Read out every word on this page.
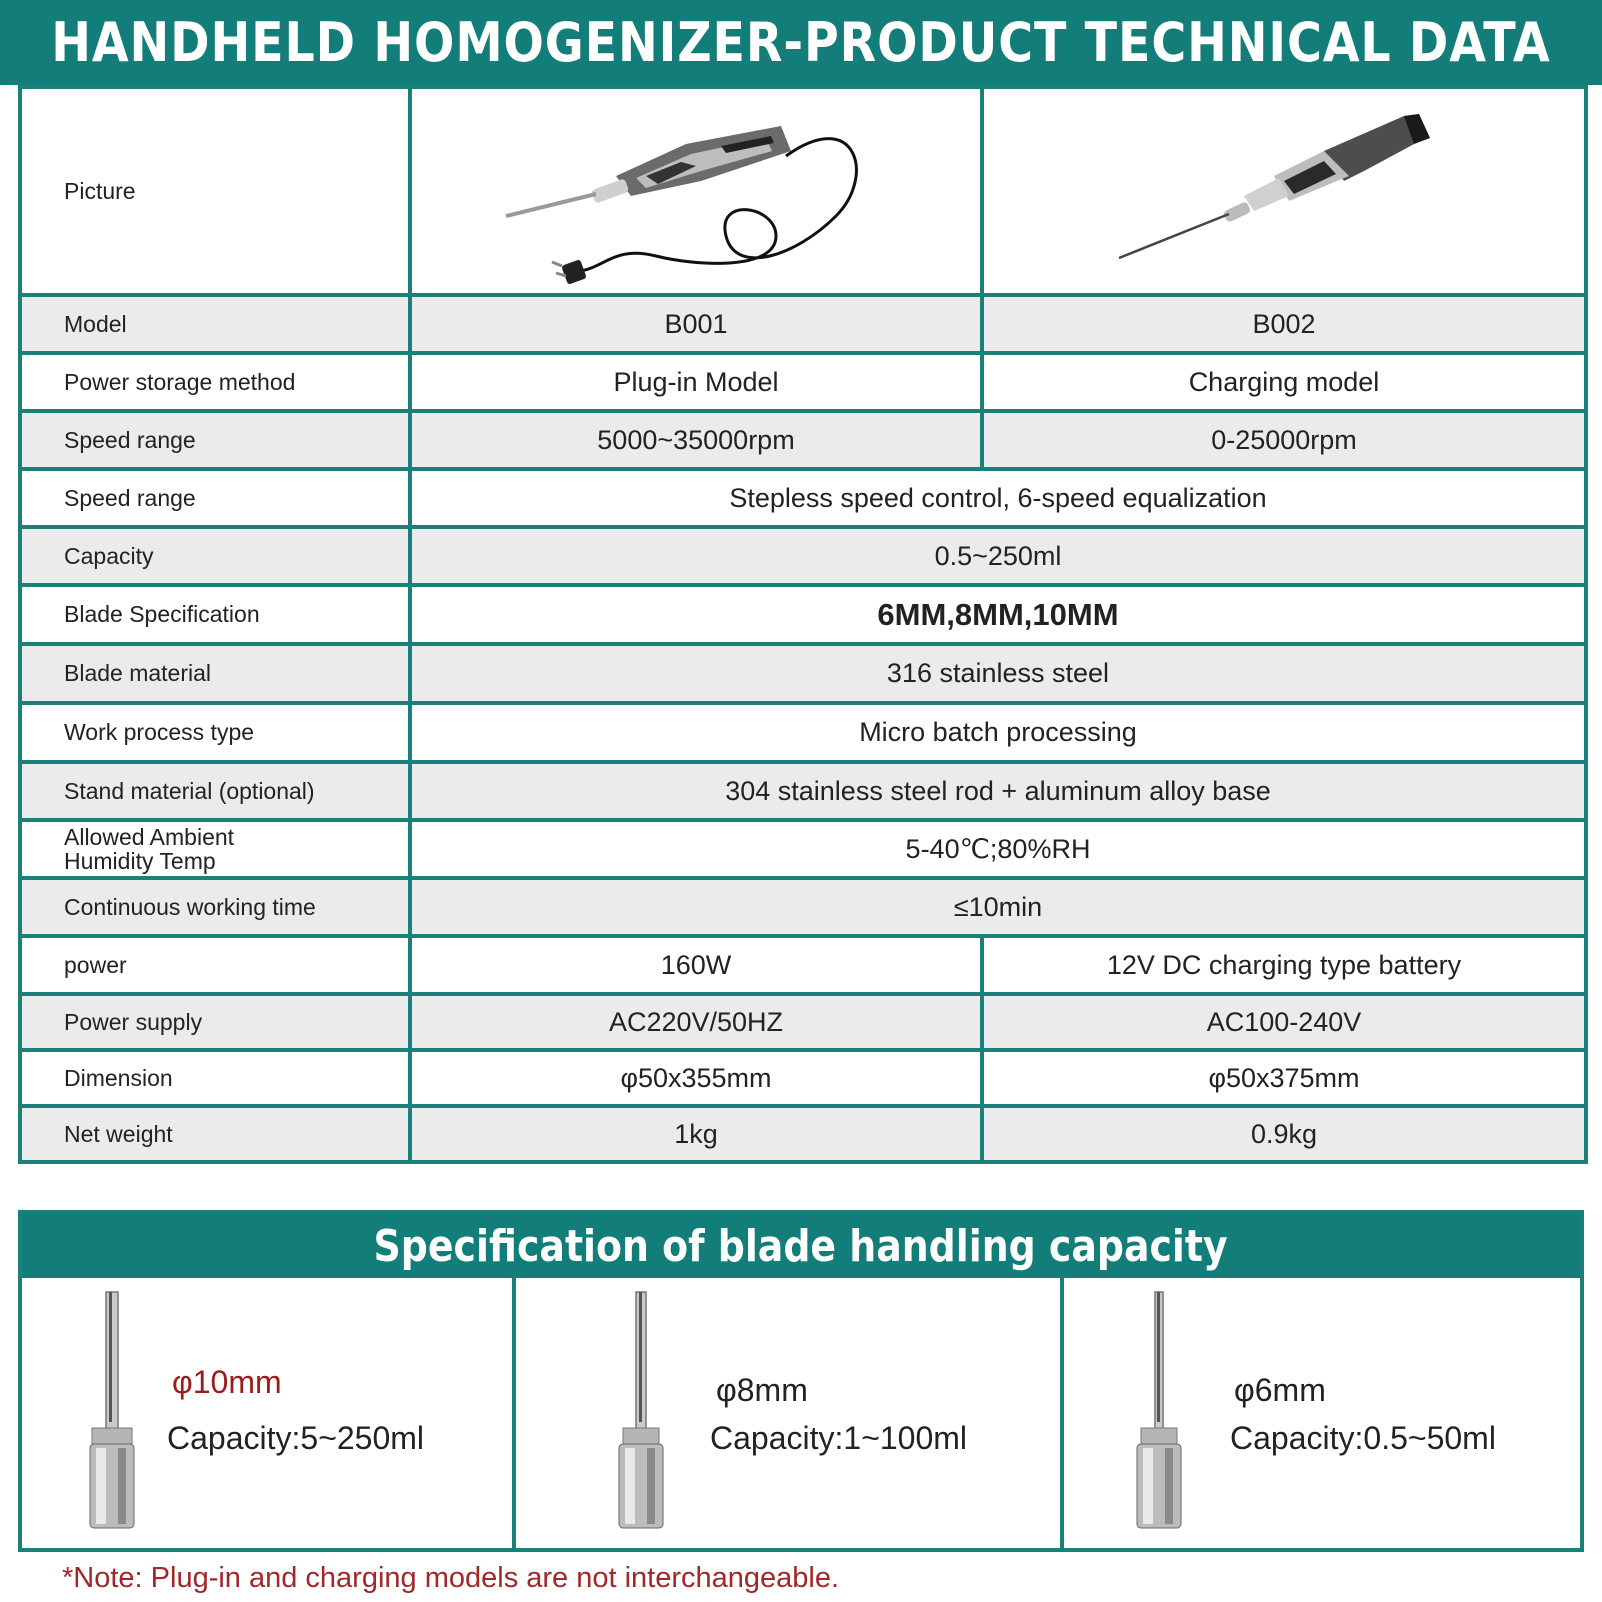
HANDHELD HOMOGENIZER-PRODUCT TECHNICAL DATA
Picture	

Model	B001	B002
Power storage method	Plug-in Model	Charging model
Speed range	5000~35000rpm	0-25000rpm
Speed range	Stepless speed control, 6-speed equalization	
Capacity	0.5~250ml	
Blade Specification	6MM,8MM,10MM	
Blade material	316 stainless steel	
Work process type	Micro batch processing	
Stand material (optional)	304 stainless steel rod + aluminum alloy base	

Allowed Ambient
Humidity Temp	5-40℃;80%RH	
Continuous working time	≤10min	
power	160W	12V DC charging type battery
Power supply	AC220V/50HZ	AC100-240V
Dimension	φ50x355mm	φ50x375mm
Net weight	1kg	0.9kg
Specification of blade handling capacity
φ10mm
Capacity:5~250ml
φ8mm
Capacity:1~100ml
φ6mm
Capacity:0.5~50ml
*Note: Plug-in and charging models are not interchangeable.
